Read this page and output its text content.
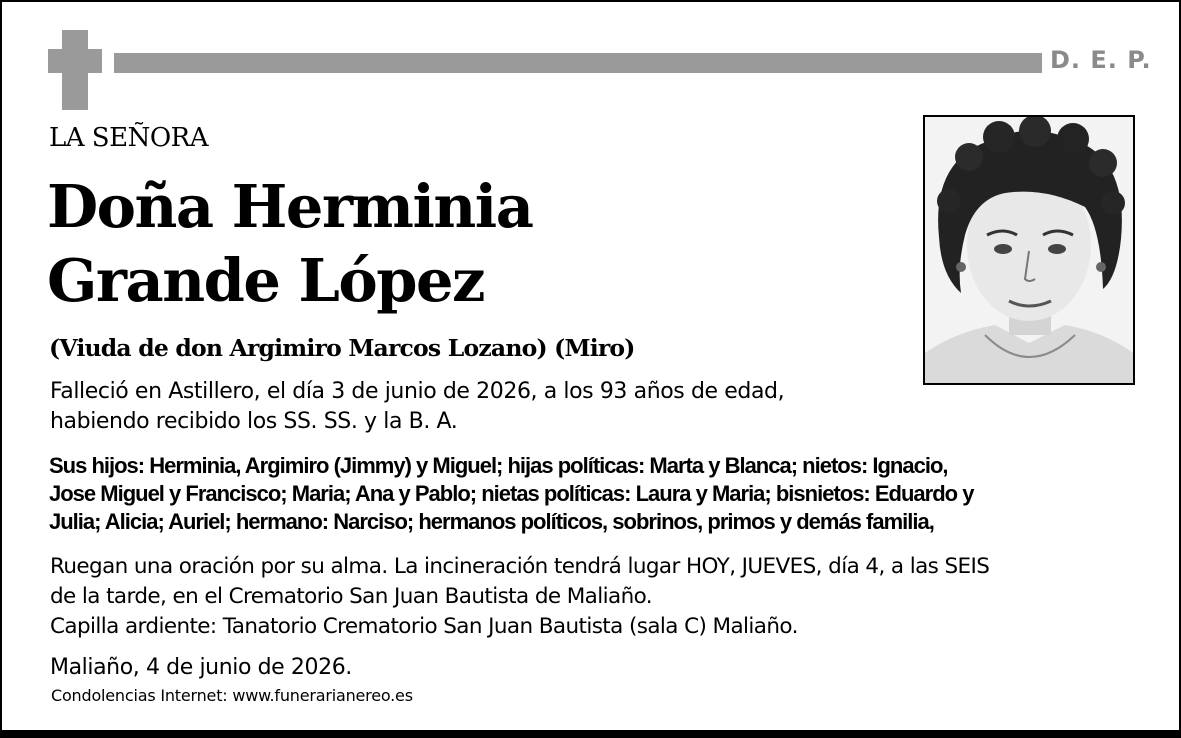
D. E. P.
LA SEÑORA
Doña Herminia
Grande López
(Viuda de don Argimiro Marcos Lozano) (Miro)
Falleció en Astillero, el día 3 de junio de 2026, a los 93 años de edad,
habiendo recibido los SS. SS. y la B. A.
Sus hijos: Herminia, Argimiro (Jimmy) y Miguel; hijas políticas: Marta y Blanca; nietos: Ignacio,
Jose Miguel y Francisco; Maria; Ana y Pablo; nietas políticas: Laura y Maria; bisnietos: Eduardo y
Julia; Alicia; Auriel; hermano: Narciso; hermanos políticos, sobrinos, primos y demás familia,
Ruegan una oración por su alma. La incineración tendrá lugar HOY, JUEVES, día 4, a las SEIS
de la tarde, en el Crematorio San Juan Bautista de Maliaño.
Capilla ardiente: Tanatorio Crematorio San Juan Bautista (sala C) Maliaño.
Maliaño, 4 de junio de 2026.
Condolencias Internet: www.funerarianereo.es
